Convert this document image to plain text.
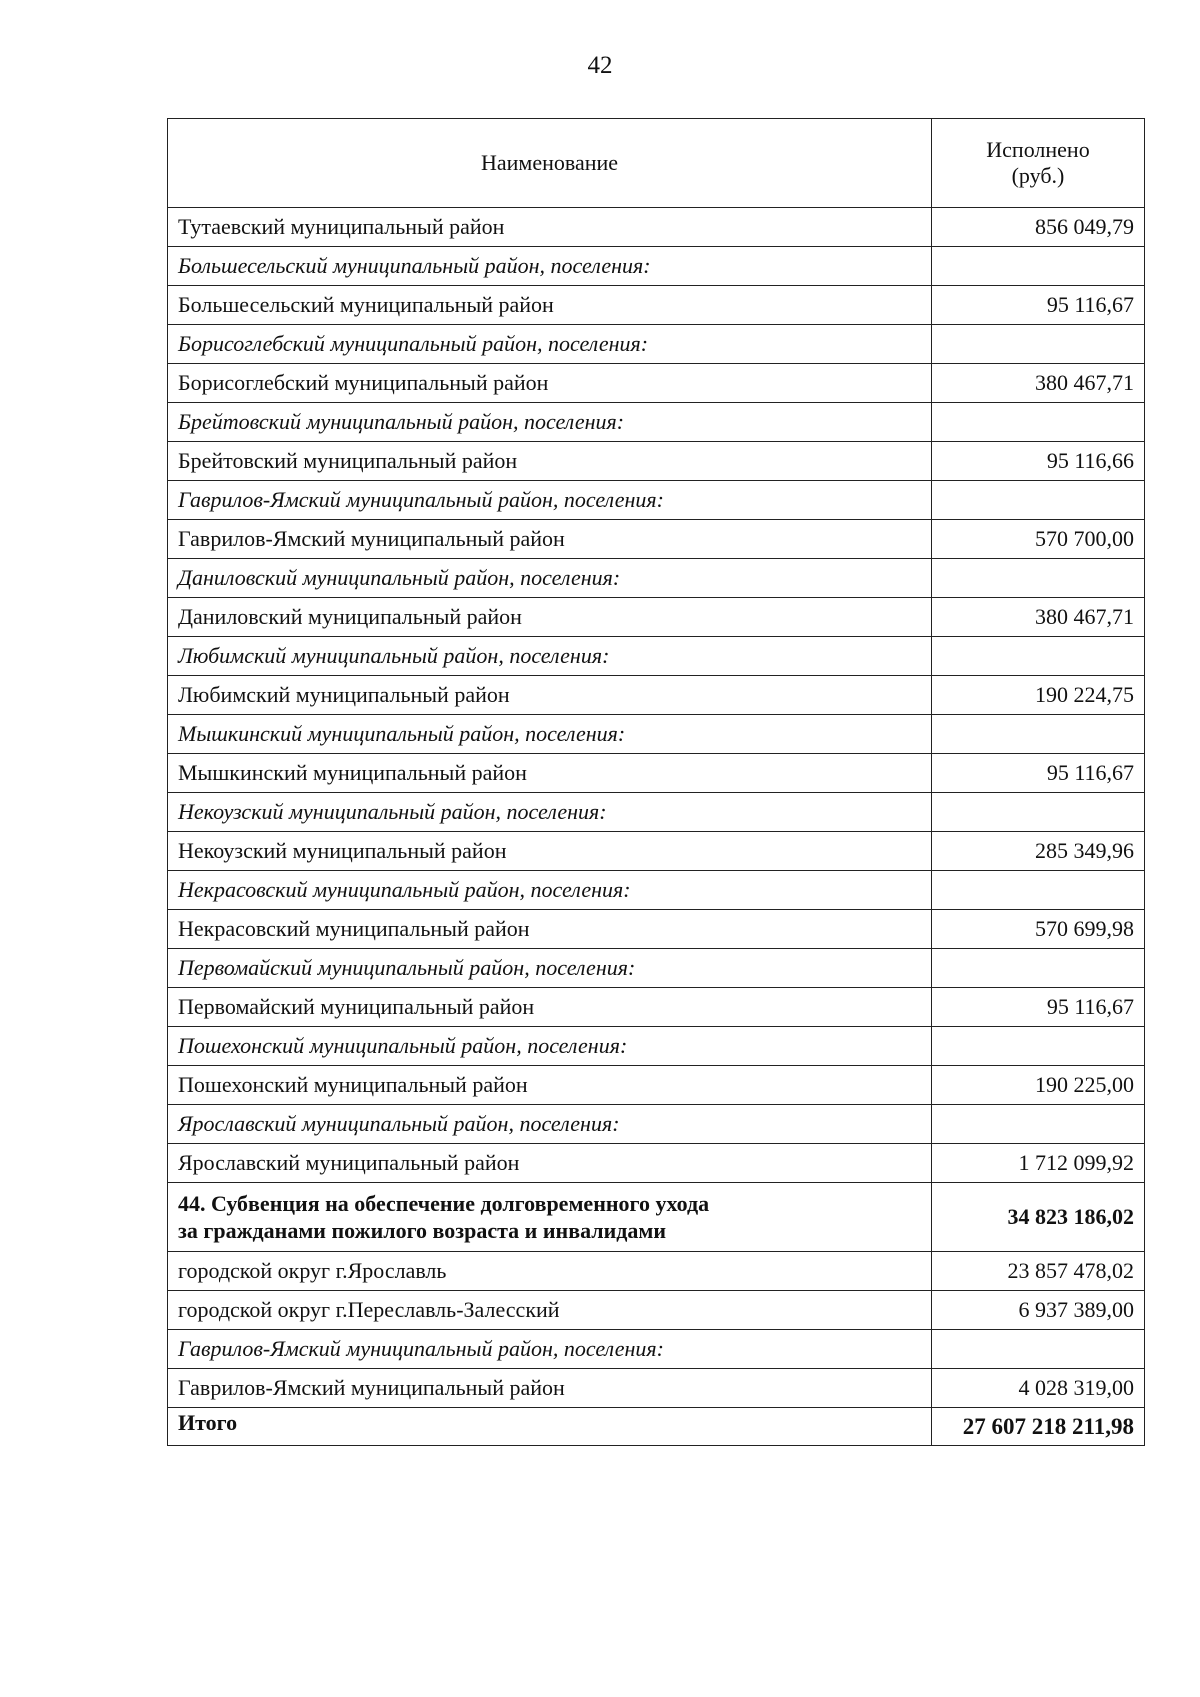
42
Наименование	Исполнено
(руб.)
Тутаевский муниципальный район	856 049,79
Большесельский муниципальный район, поселения:	
Большесельский муниципальный район	95 116,67
Борисоглебский муниципальный район, поселения:	
Борисоглебский муниципальный район	380 467,71
Брейтовский муниципальный район, поселения:	
Брейтовский муниципальный район	95 116,66
Гаврилов-Ямский муниципальный район, поселения:	
Гаврилов-Ямский муниципальный район	570 700,00
Даниловский муниципальный район, поселения:	
Даниловский муниципальный район	380 467,71
Любимский муниципальный район, поселения:	
Любимский муниципальный район	190 224,75
Мышкинский муниципальный район, поселения:	
Мышкинский муниципальный район	95 116,67
Некоузский муниципальный район, поселения:	
Некоузский муниципальный район	285 349,96
Некрасовский муниципальный район, поселения:	
Некрасовский муниципальный район	570 699,98
Первомайский муниципальный район, поселения:	
Первомайский муниципальный район	95 116,67
Пошехонский муниципальный район, поселения:	
Пошехонский муниципальный район	190 225,00
Ярославский муниципальный район, поселения:	
Ярославский муниципальный район	1 712 099,92
44. Субвенция на обеспечение долговременного ухода
за гражданами пожилого возраста и инвалидами	34 823 186,02
городской округ г.Ярославль	23 857 478,02
городской округ г.Переславль-Залесский	6 937 389,00
Гаврилов-Ямский муниципальный район, поселения:	
Гаврилов-Ямский муниципальный район	4 028 319,00
Итого	27 607 218 211,98
